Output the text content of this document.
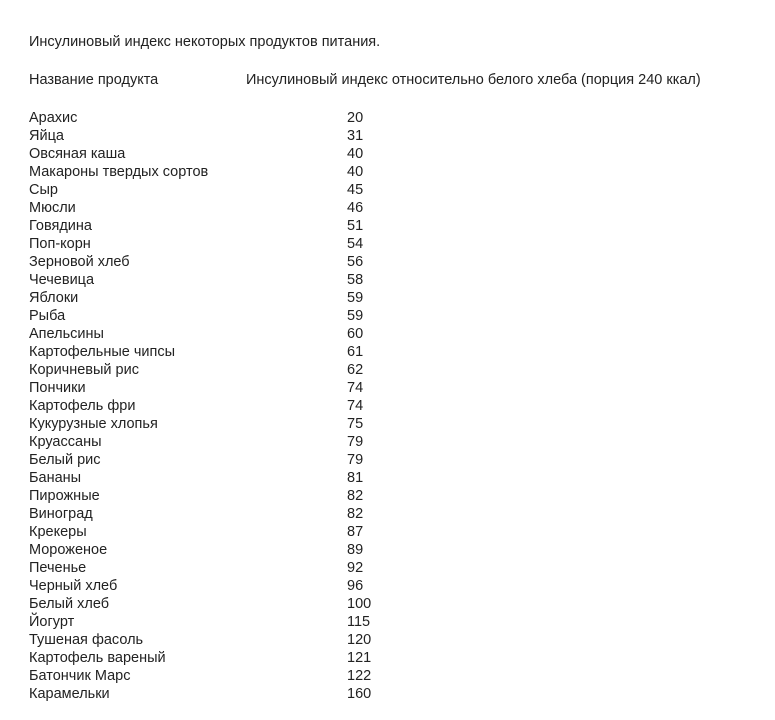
Инсулиновый индекс некоторых продуктов питания.
Название продукта	Инсулиновый индекс относительно белого хлеба (порция 240 ккал)
Арахис	20
Яйца	31
Овсяная каша	40
Макароны твердых сортов	40
Сыр	45
Мюсли	46
Говядина	51
Поп-корн	54
Зерновой хлеб	56
Чечевица	58
Яблоки	59
Рыба	59
Апельсины	60
Картофельные чипсы	61
Коричневый рис	62
Пончики	74
Картофель фри	74
Кукурузные хлопья	75
Круассаны	79
Белый рис	79
Бананы	81
Пирожные	82
Виноград	82
Крекеры	87
Мороженое	89
Печенье	92
Черный хлеб	96
Белый хлеб	100
Йогурт	115
Тушеная фасоль	120
Картофель вареный	121
Батончик Марс	122
Карамельки	160
